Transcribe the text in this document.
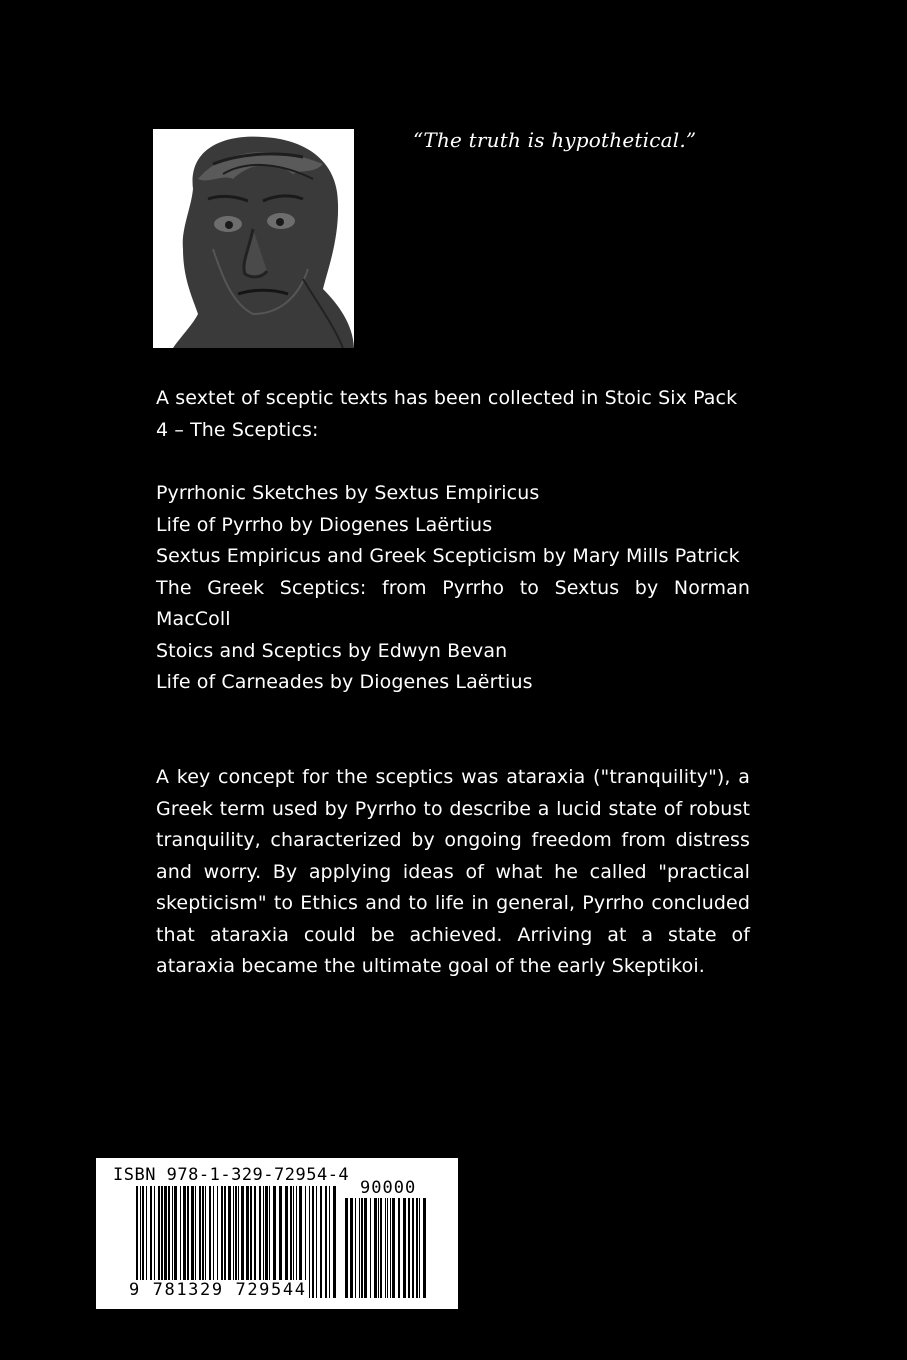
“The truth is hypothetical.”
A sextet of sceptic texts has been collected in Stoic Six Pack 4 – The Sceptics:
Pyrrhonic Sketches by Sextus Empiricus
Life of Pyrrho by Diogenes Laërtius
Sextus Empiricus and Greek Scepticism by Mary Mills Patrick
The Greek Sceptics: from Pyrrho to Sextus by Norman MacColl
Stoics and Sceptics by Edwyn Bevan
Life of Carneades by Diogenes Laërtius
A key concept for the sceptics was ataraxia ("tranquility"), a Greek term used by Pyrrho to describe a lucid state of robust tranquility, characterized by ongoing freedom from distress and worry. By applying ideas of what he called "practical skepticism" to Ethics and to life in general, Pyrrho concluded that ataraxia could be achieved. Arriving at a state of ataraxia became the ultimate goal of the early Skeptikoi.
ISBN 978-1-329-72954-4
90000
9 781329 729544
